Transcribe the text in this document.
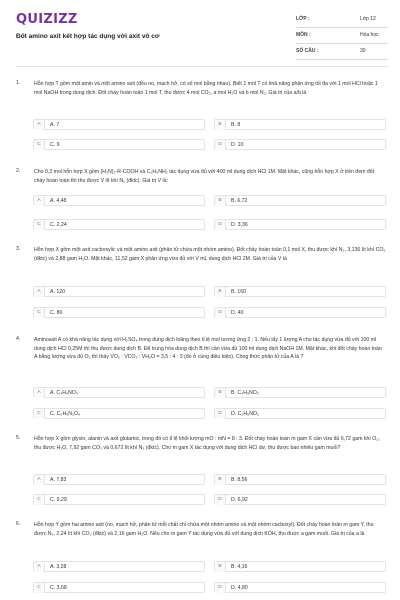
QUIZIZZ
Đốt amino axit kết hợp tác dụng với axit vô cơ
LỚP :	Lớp 12
MÔN :	Hóa học
SỐ CÂU :	30
1.	Hỗn hợp T gồm một amin và một amino axit (đều no, mạch hở, có số mol bằng nhau). Biết 1 mol T có khả năng phản ứng tối đa với 1 mol HCl hoặc 1 mol NaOH trong dung dịch. Đốt cháy hoàn toàn 1 mol T, thu được 4 mol CO₂, a mol H₂O và b mol N₂. Giá trị của a/b là
A	A. 7	B	B. 8
C	C. 9	D	D. 10
2.	Cho 0,3 mol hỗn hợp X gồm (H₂N)₂-R-COOH và C₂H₅NH₂ tác dụng vừa đủ với 400 ml dung dịch HCl 1M. Mặt khác, cũng hỗn hợp X ở trên đem đốt cháy hoàn toàn thì thu được V lít khí N₂ (đktc). Giá trị V là:
A	A. 4,48	B	B. 6,72
C	C. 2,24	D	D. 3,36
3.	Hỗn hợp X gồm một axit cacboxylic và một amino axit (phân tử chứa một nhóm amino). Đốt cháy hoàn toàn 0,1 mol X, thu được khí N₂, 3,136 lít khí CO₂ (đktc) và 2,88 gam H₂O. Mặt khác, 11,52 gam X phản ứng vừa đủ với V mL dung dịch HCl 2M. Giá trị của V là
A	A. 120	B	B. 160
C	C. 80	D	D. 40
4.	Aminoaxit A có khả năng tác dụng với H₂SO₄ trong dung dịch loãng theo tỉ lệ mol tương ứng 2 : 1. Nếu lấy 1 lượng A cho tác dụng vừa đủ với 100 ml dung dịch HCl 0,25M thì thu được dung dịch B. Để trung hòa dung dịch B thì cần vừa đủ 100 ml dung dịch NaOH 1M. Mặt khác, khi đốt cháy hoàn toàn A bằng lượng vừa đủ O₂ thì thấy VO₂ : VCO₂ : VH₂O = 3,5 : 4 : 3 (đo ở cùng điều kiện). Công thức phân tử của A là ?
A	A. C₃H₉NO₃	B	B. C₄H₉NO₃
C	C. C₅H₉N₂O₄	D	D. C₂H₅NO₂
5.	Hỗn hợp X gồm glyxin, alanin và axit glutamic, trong đó có tỉ lệ khối lượng mO : mN = 8 : 3. Đốt cháy hoàn toàn m gam X cần vừa đủ 6,72 gam khí O₂, thu được H₂O, 7,92 gam CO₂ và 0,672 lít khí N₂ (đktc). Cho m gam X tác dụng với dung dịch HCl dư, thu được bao nhiêu gam muối?
A	A. 7,83	B	B. 8,56
C	C. 9,29	D	D. 6,92
6.	Hỗn hợp Y gồm hai amino axit (no, mạch hở, phân tử mỗi chất chỉ chứa một nhóm amino và một nhóm cacboxyl). Đốt cháy hoàn toàn m gam Y, thu được N₂, 2,24 lít khí CO₂ (đktc) và 2,16 gam H₂O. Nếu cho m gam Y tác dụng vừa đủ với dung dịch KOH, thu được a gam muối. Giá trị của a là
A	A. 3,28	B	B. 4,16
C	C. 3,68	D	D. 4,80
